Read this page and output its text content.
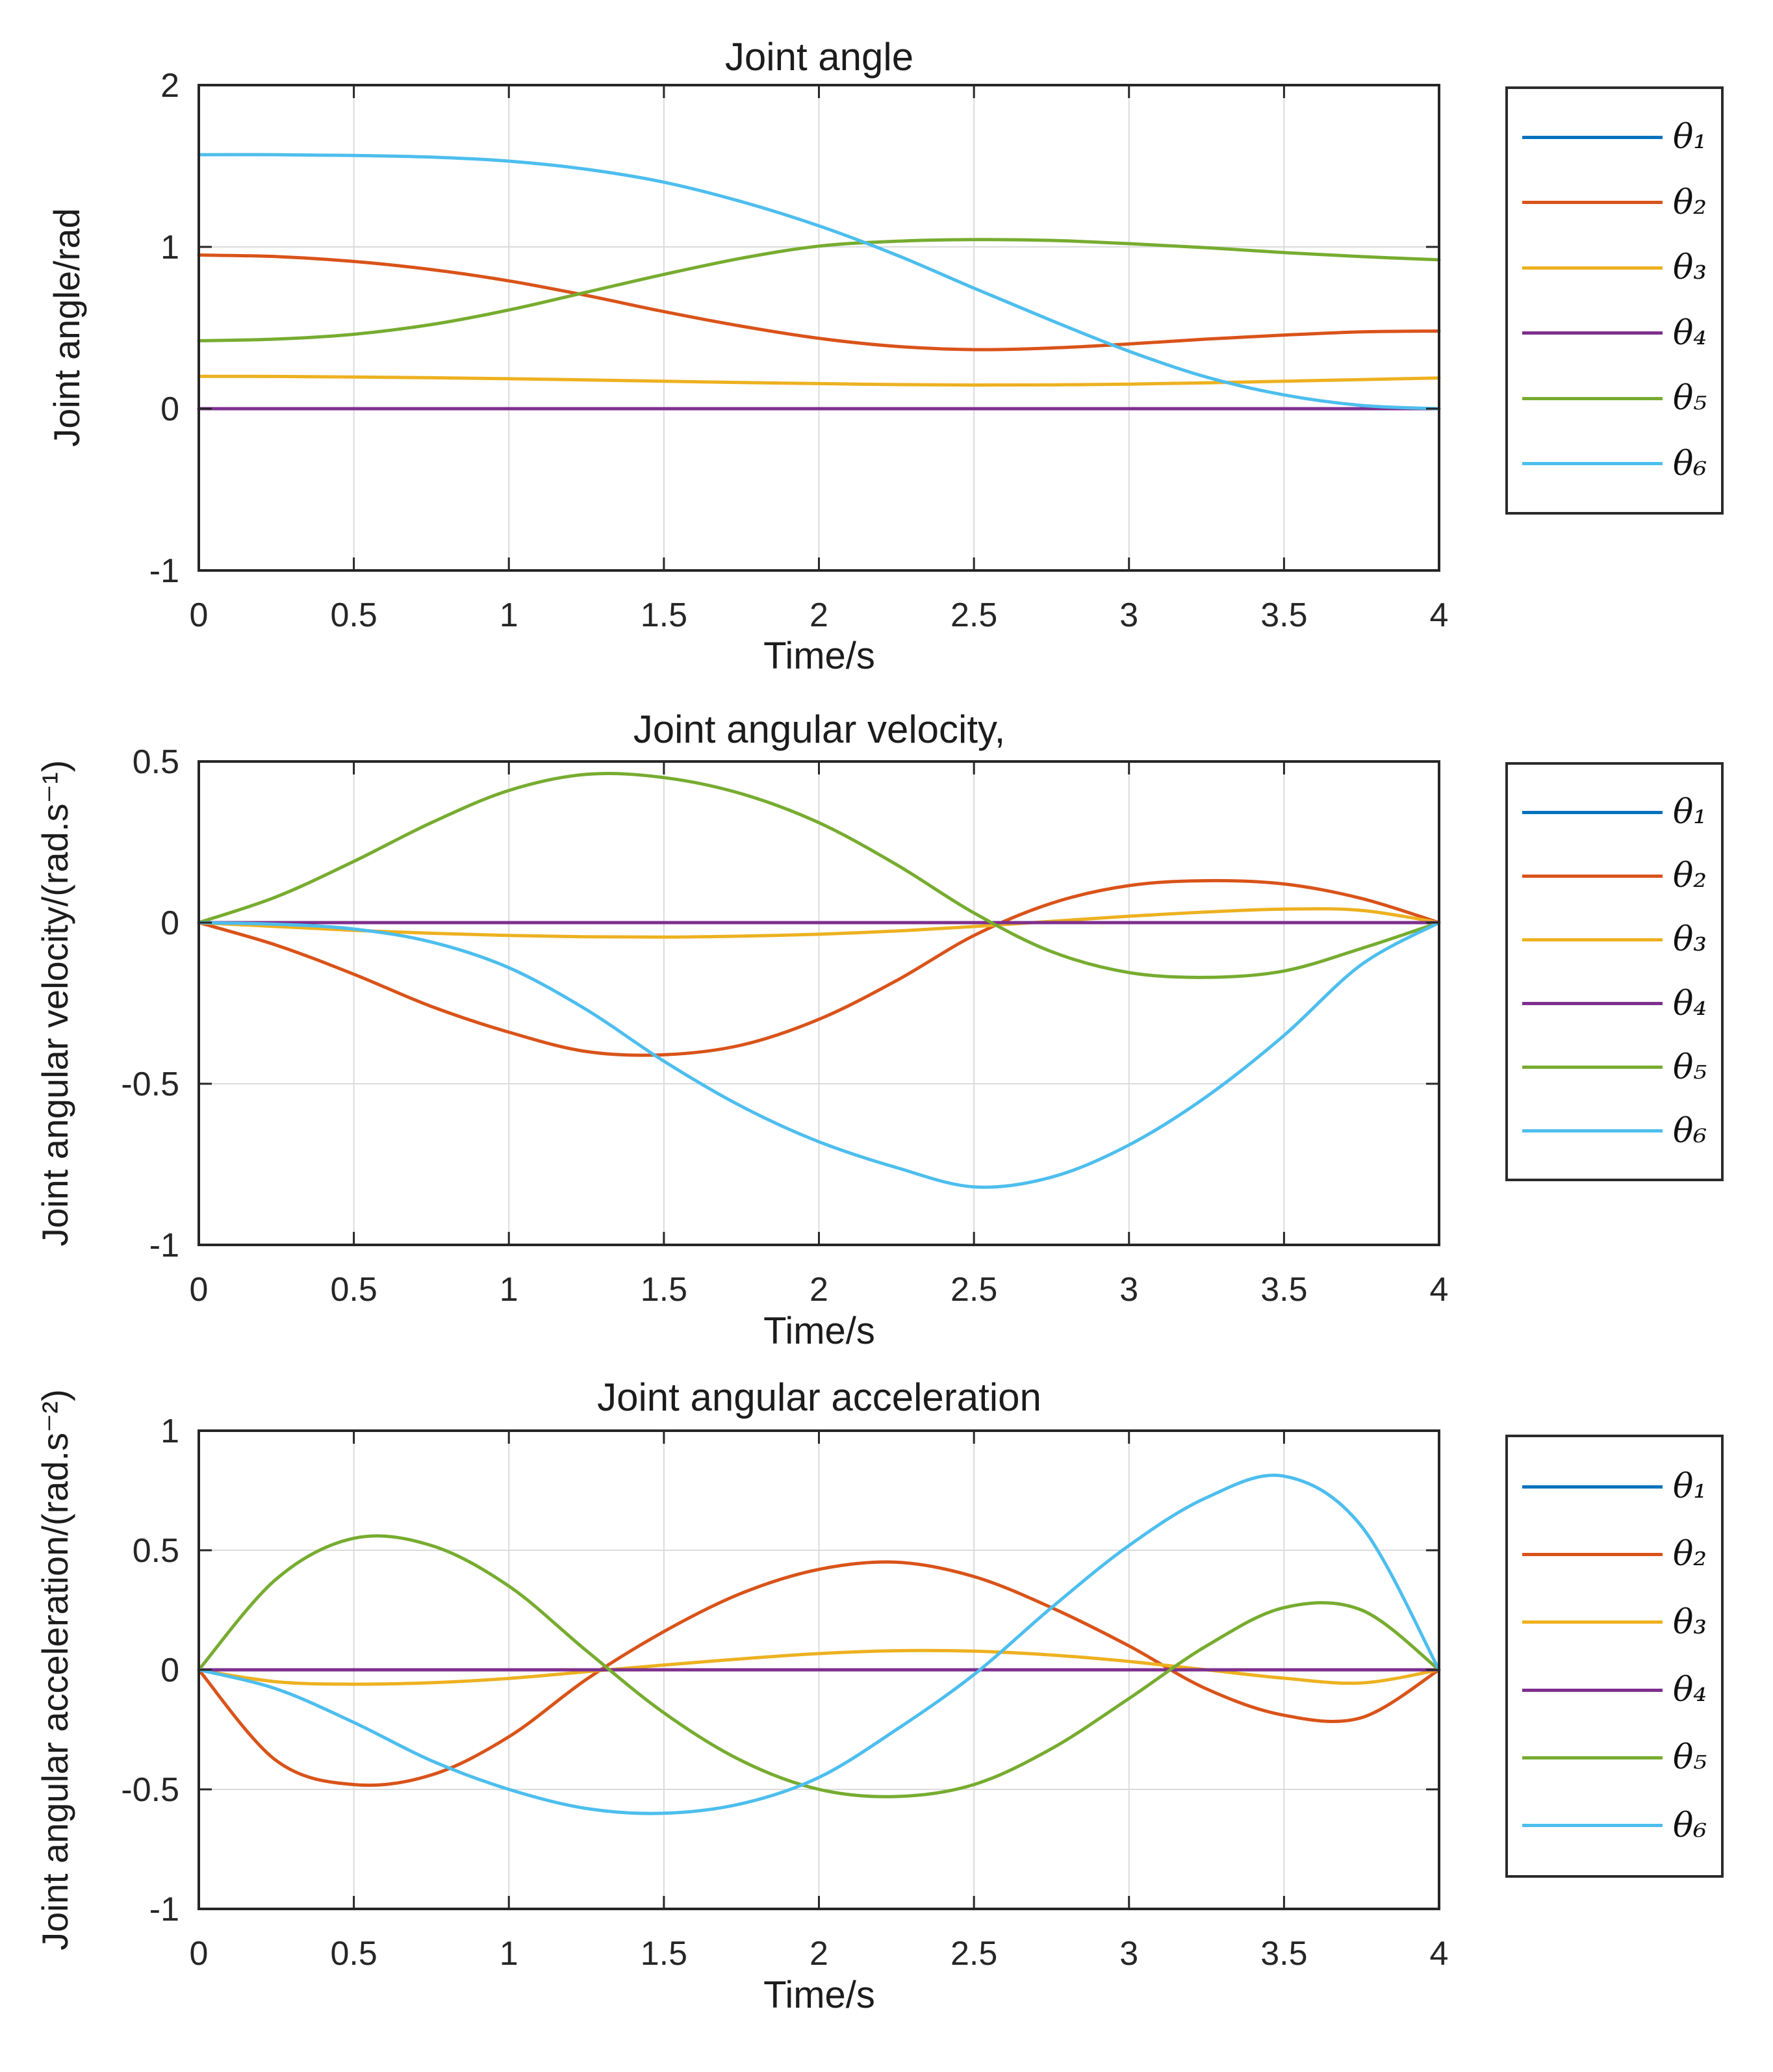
0	0.5	1	1.5	2	2.5	3	3.5	4
-1
0
1
2
0	0.5	1	1.5	2	2.5	3	3.5	4
-1
-0.5
0
0.5
0	0.5	1	1.5	2	2.5	3	3.5	4
-1
-0.5
0
0.5
1
Joint angle
Joint angular velocity,
Joint angular acceleration
Time/s
Time/s
Time/s
Joint angle/rad
Joint angular velocity/(rad.s⁻¹)
Joint angular acceleration/(rad.s⁻²)
θ₁
θ₂
θ₃
θ₄
θ₅
θ₆
θ₁
θ₂
θ₃
θ₄
θ₅
θ₆
θ₁
θ₂
θ₃
θ₄
θ₅
θ₆
